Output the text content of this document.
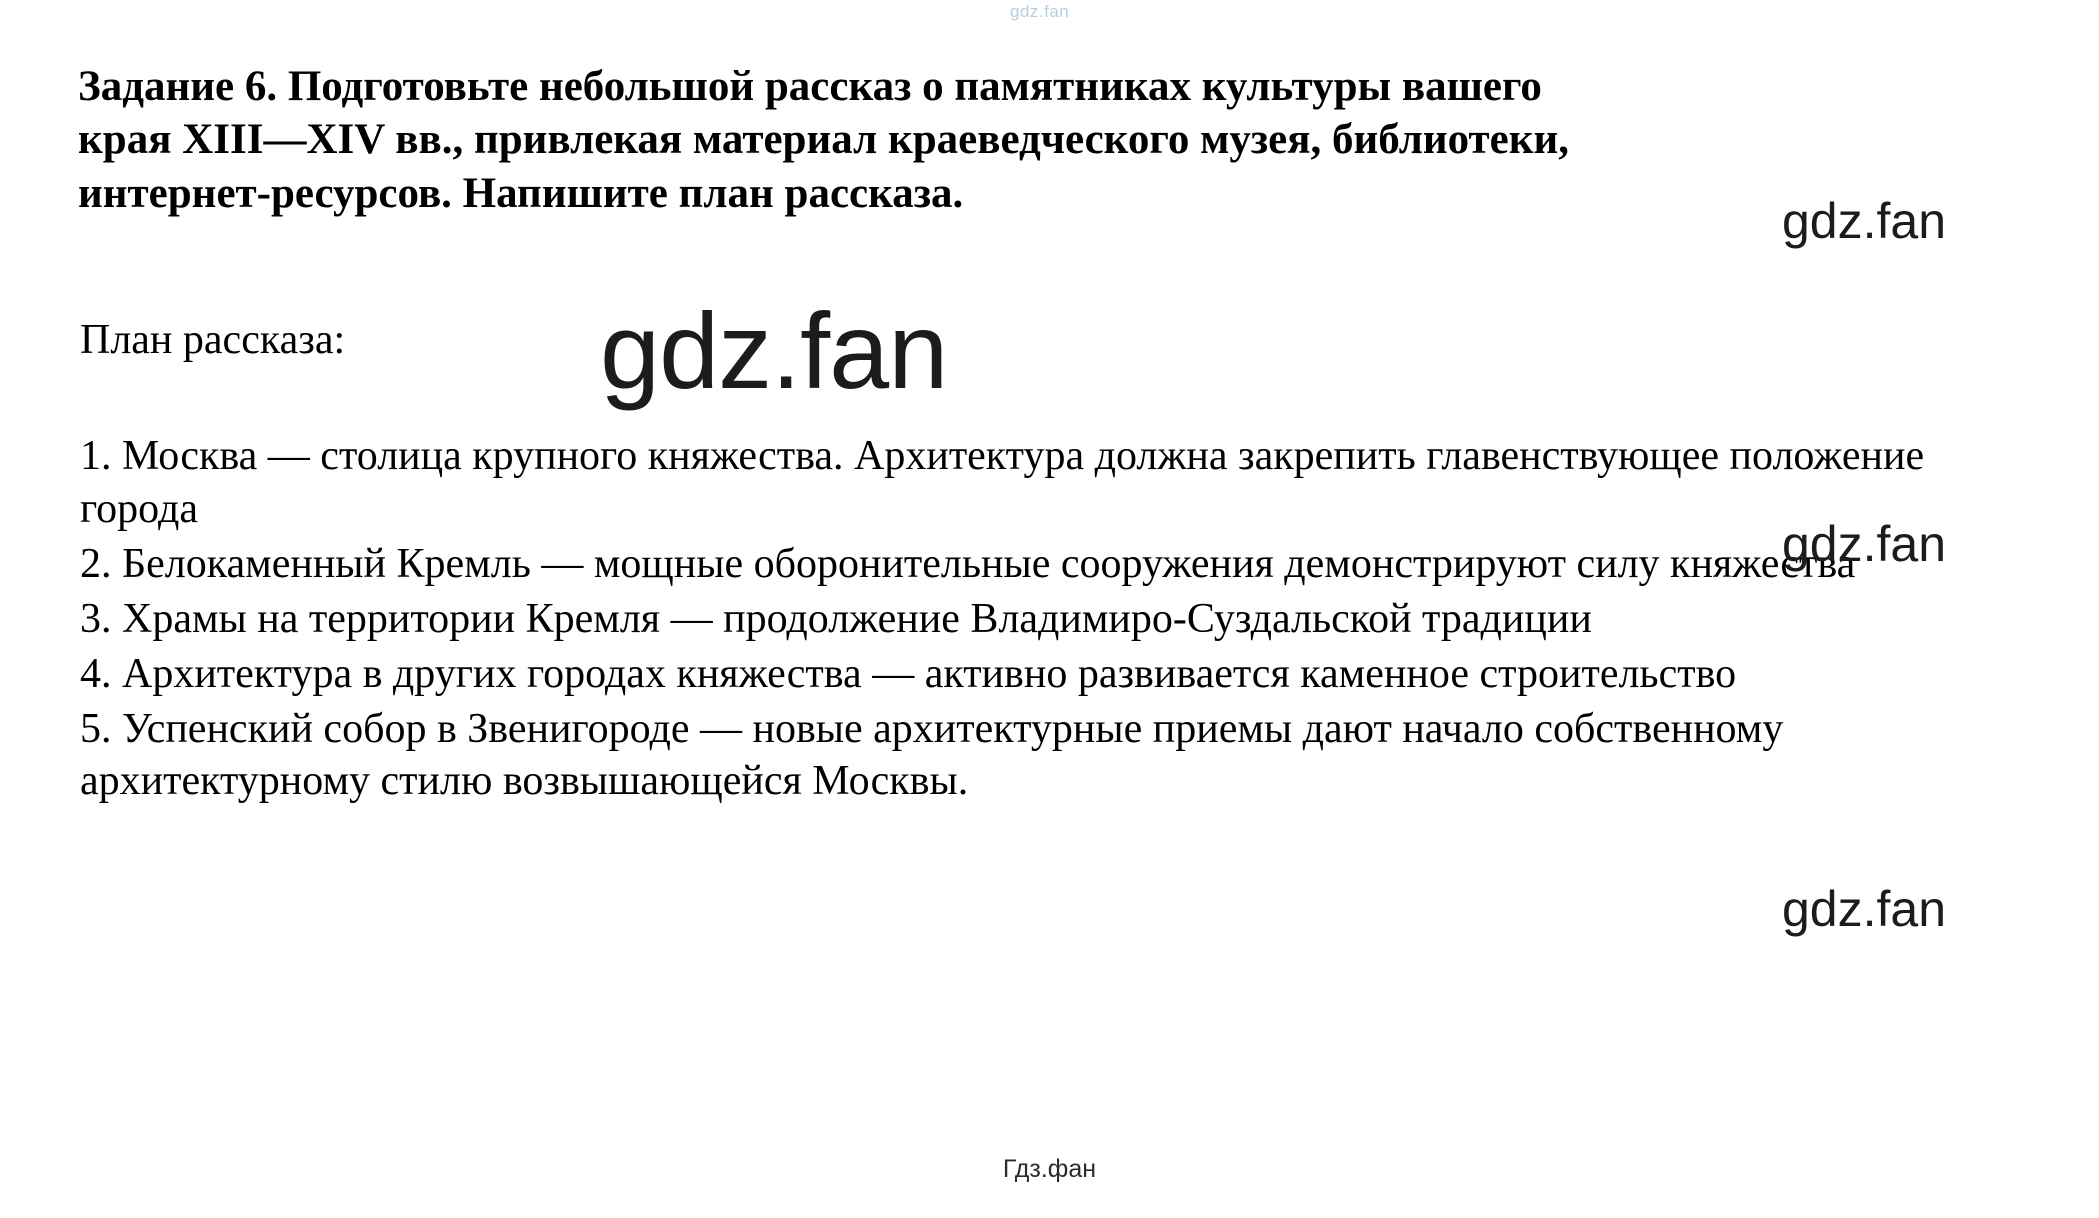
gdz.fan
Задание 6. Подготовьте небольшой рассказ о памятниках культуры вашего края XIII—XIV вв., привлекая материал краеведческого музея, библиотеки, интернет-ресурсов. Напишите план рассказа.
План рассказа:

1. Москва — столица крупного княжества. Архитектура должна закрепить главенствующее положение города

2. Белокаменный Кремль — мощные оборонительные сооружения демонстрируют силу княжества

3. Храмы на территории Кремля — продолжение Владимиро-Суздальской традиции

4. Архитектура в других городах княжества — активно развивается каменное строительство

5. Успенский собор в Звенигороде — новые архитектурные приемы дают начало собственному архитектурному стилю возвышающейся Москвы.

gdz.fan
gdz.fan
gdz.fan
gdz.fan
Гдз.фан
